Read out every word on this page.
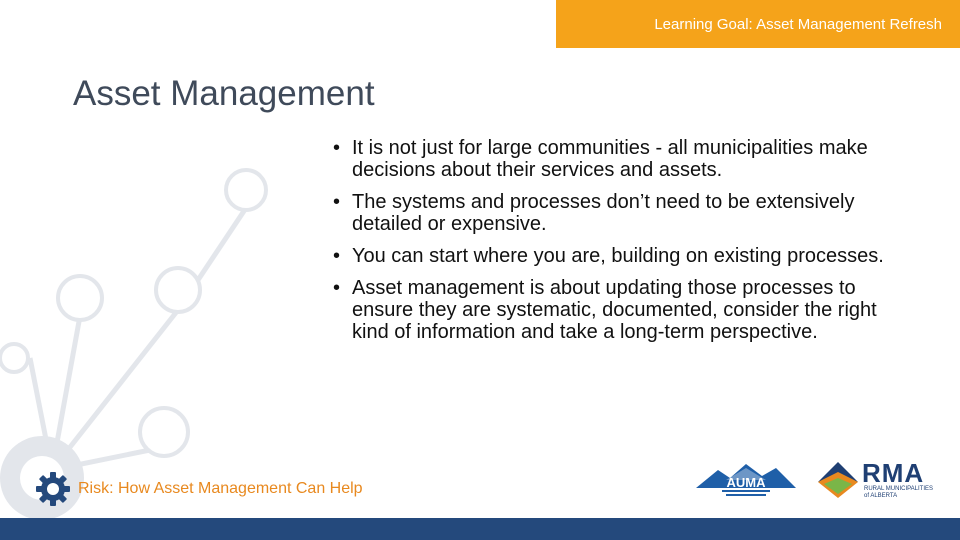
Learning Goal: Asset Management Refresh
Asset Management
• It is not just for large communities - all municipalities make decisions about their services and assets.
• The systems and processes don’t need to be extensively detailed or expensive.
• You can start where you are, building on existing processes.
• Asset management is about updating those processes to ensure they are systematic, documented, consider the right kind of information and take a long-term perspective.
Risk: How Asset Management Can Help	AUMA	RMA
RURAL MUNICIPALITIES of ALBERTA
